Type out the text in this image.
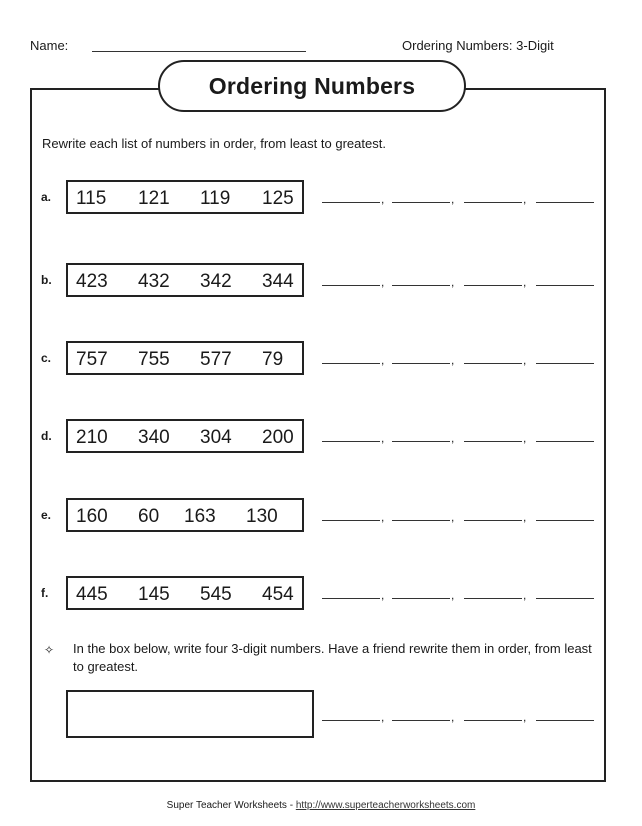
Name:	Ordering Numbers: 3-Digit
Ordering Numbers
Rewrite each list of numbers in order, from least to greatest.
a. 115 121 119 125	,	,	,
b. 423 432 342 344	,	,	,
c. 757 755 577 79	,	,	,
d. 210 340 304 200	,	,	,
e. 160 60 163 130	,	,	,
f. 445 145 545 454	,	,	,
✧ In the box below, write four 3-digit numbers. Have a friend rewrite them in order, from least to greatest.
,	,	,
Super Teacher Worksheets - http://www.superteacherworksheets.com
